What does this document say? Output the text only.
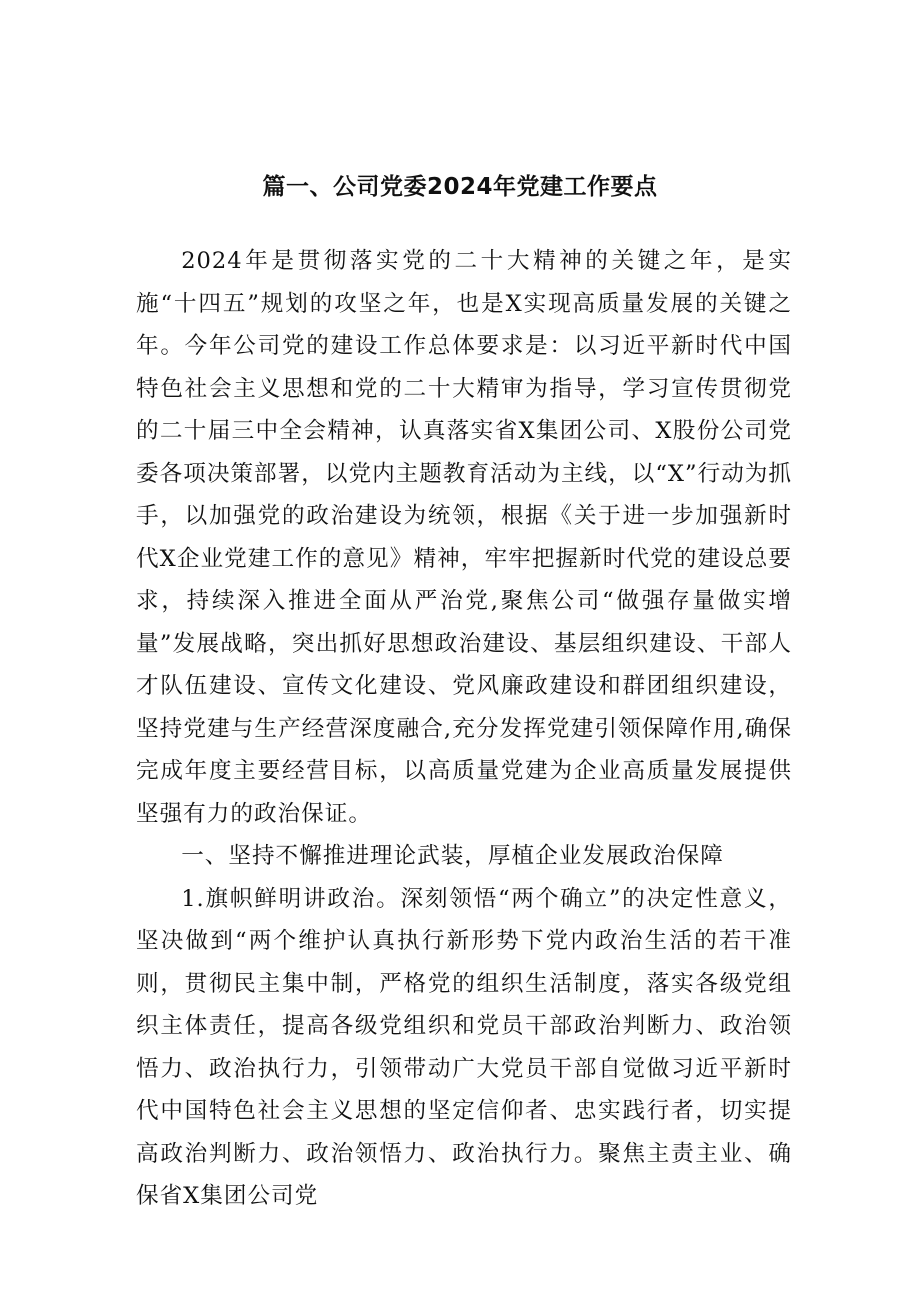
篇一、公司党委2024年党建工作要点

2024年是贯彻落实党的二十大精神的关键之年，是实施“十四五”规划的攻坚之年，也是X实现高质量发展的关键之年。今年公司党的建设工作总体要求是：以习近平新时代中国特色社会主义思想和党的二十大精审为指导，学习宣传贯彻党的二十届三中全会精神，认真落实省X集团公司、X股份公司党委各项决策部署，以党内主题教育活动为主线，以“X”行动为抓手，以加强党的政治建设为统领，根据《关于进一步加强新时代X企业党建工作的意见》精神，牢牢把握新时代党的建设总要求，持续深入推进全面从严治党,聚焦公司“做强存量做实增量”发展战略，突出抓好思想政治建设、基层组织建设、干部人才队伍建设、宣传文化建设、党风廉政建设和群团组织建设，坚持党建与生产经营深度融合,充分发挥党建引领保障作用,确保完成年度主要经营目标，以高质量党建为企业高质量发展提供坚强有力的政治保证。

一、坚持不懈推进理论武装，厚植企业发展政治保障

1.旗帜鲜明讲政治。深刻领悟“两个确立”的决定性意义，坚决做到“两个维护认真执行新形势下党内政治生活的若干准则，贯彻民主集中制，严格党的组织生活制度，落实各级党组织主体责任，提高各级党组织和党员干部政治判断力、政治领悟力、政治执行力，引领带动广大党员干部自觉做习近平新时代中国特色社会主义思想的坚定信仰者、忠实践行者，切实提高政治判断力、政治领悟力、政治执行力。聚焦主责主业、确保省X集团公司党
